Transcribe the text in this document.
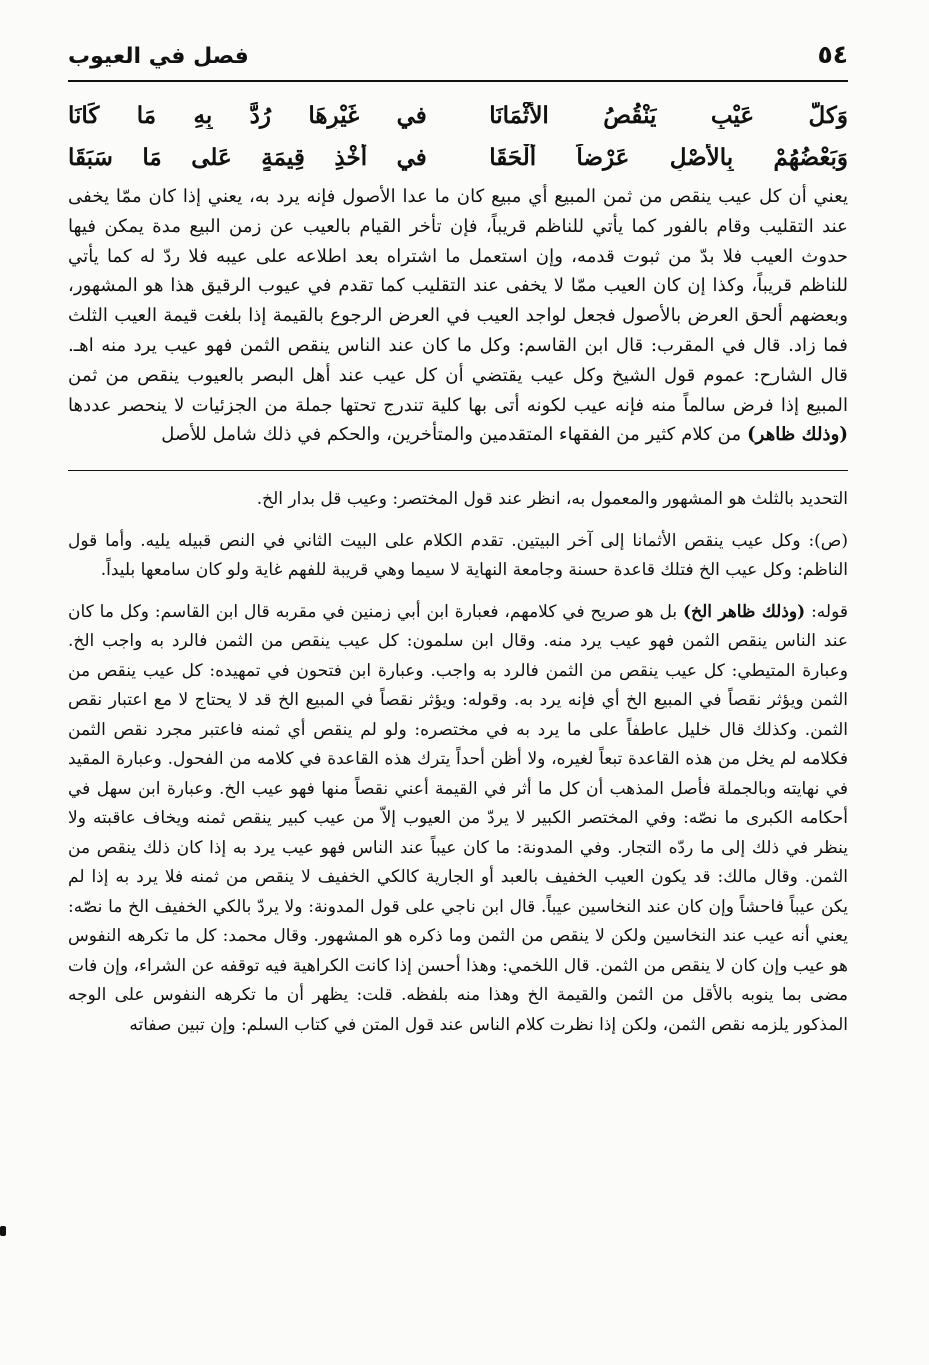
٥٤
فصل في العيوب
وَكلُّ عَيْبٍ يَنْقُصُ الأَثْمَانَا
في غَيْرِهَا رُدَّ بِهِ مَا كَانَا
وَبَعْضُهُمْ بِالأَصْلِ عَرْضاً أَلْحَقَا
في أَخْذِ قِيمَةٍ عَلى مَا سَبَقَا
يعني أن كل عيب ينقص من ثمن المبيع أي مبيع كان ما عدا الأصول فإنه يرد به، يعني إذا كان ممّا يخفى عند التقليب وقام بالفور كما يأتي للناظم قريباً، فإن تأخر القيام بالعيب عن زمن البيع مدة يمكن فيها حدوث العيب فلا بدّ من ثبوت قدمه، وإن استعمل ما اشتراه بعد اطلاعه على عيبه فلا ردّ له كما يأتي للناظم قريباً، وكذا إن كان العيب ممّا لا يخفى عند التقليب كما تقدم في عيوب الرقيق هذا هو المشهور، وبعضهم ألحق العرض بالأصول فجعل لواجد العيب في العرض الرجوع بالقيمة إذا بلغت قيمة العيب الثلث فما زاد. قال في المقرب: قال ابن القاسم: وكل ما كان عند الناس ينقص الثمن فهو عيب يرد منه اهـ. قال الشارح: عموم قول الشيخ وكل عيب يقتضي أن كل عيب عند أهل البصر بالعيوب ينقص من ثمن المبيع إذا فرض سالماً منه فإنه عيب لكونه أتى بها كلية تندرج تحتها جملة من الجزئيات لا ينحصر عددها (وذلك ظاهر) من كلام كثير من الفقهاء المتقدمين والمتأخرين، والحكم في ذلك شامل للأصل

التحديد بالثلث هو المشهور والمعمول به، انظر عند قول المختصر: وعيب قل بدار الخ.

(ص): وكل عيب ينقص الأثمانا إلى آخر البيتين. تقدم الكلام على البيت الثاني في النص قبيله يليه. وأما قول الناظم: وكل عيب الخ فتلك قاعدة حسنة وجامعة النهاية لا سيما وهي قريبة للفهم غاية ولو كان سامعها بليداً.

قوله: (وذلك ظاهر الخ) بل هو صريح في كلامهم، فعبارة ابن أبي زمنين في مقربه قال ابن القاسم: وكل ما كان عند الناس ينقص الثمن فهو عيب يرد منه. وقال ابن سلمون: كل عيب ينقص من الثمن فالرد به واجب الخ. وعبارة المتيطي: كل عيب ينقص من الثمن فالرد به واجب. وعبارة ابن فتحون في تمهيده: كل عيب ينقص من الثمن ويؤثر نقصاً في المبيع الخ أي فإنه يرد به. وقوله: ويؤثر نقصاً في المبيع الخ قد لا يحتاج لا مع اعتبار نقص الثمن. وكذلك قال خليل عاطفاً على ما يرد به في مختصره: ولو لم ينقص أي ثمنه فاعتبر مجرد نقص الثمن فكلامه لم يخل من هذه القاعدة تبعاً لغيره، ولا أظن أحداً يترك هذه القاعدة في كلامه من الفحول. وعبارة المقيد في نهايته وبالجملة فأصل المذهب أن كل ما أثر في القيمة أعني نقصاً منها فهو عيب الخ. وعبارة ابن سهل في أحكامه الكبرى ما نصّه: وفي المختصر الكبير لا يردّ من العيوب إلاّ من عيب كبير ينقص ثمنه ويخاف عاقبته ولا ينظر في ذلك إلى ما ردّه التجار. وفي المدونة: ما كان عيباً عند الناس فهو عيب يرد به إذا كان ذلك ينقص من الثمن. وقال مالك: قد يكون العيب الخفيف بالعبد أو الجارية كالكي الخفيف لا ينقص من ثمنه فلا يرد به إذا لم يكن عيباً فاحشاً وإن كان عند النخاسين عيباً. قال ابن ناجي على قول المدونة: ولا يردّ بالكي الخفيف الخ ما نصّه: يعني أنه عيب عند النخاسين ولكن لا ينقص من الثمن وما ذكره هو المشهور. وقال محمد: كل ما تكرهه النفوس هو عيب وإن كان لا ينقص من الثمن. قال اللخمي: وهذا أحسن إذا كانت الكراهية فيه توقفه عن الشراء، وإن فات مضى بما ينوبه بالأقل من الثمن والقيمة الخ وهذا منه بلفظه. قلت: يظهر أن ما تكرهه النفوس على الوجه المذكور يلزمه نقص الثمن، ولكن إذا نظرت كلام الناس عند قول المتن في كتاب السلم: وإن تبين صفاته
